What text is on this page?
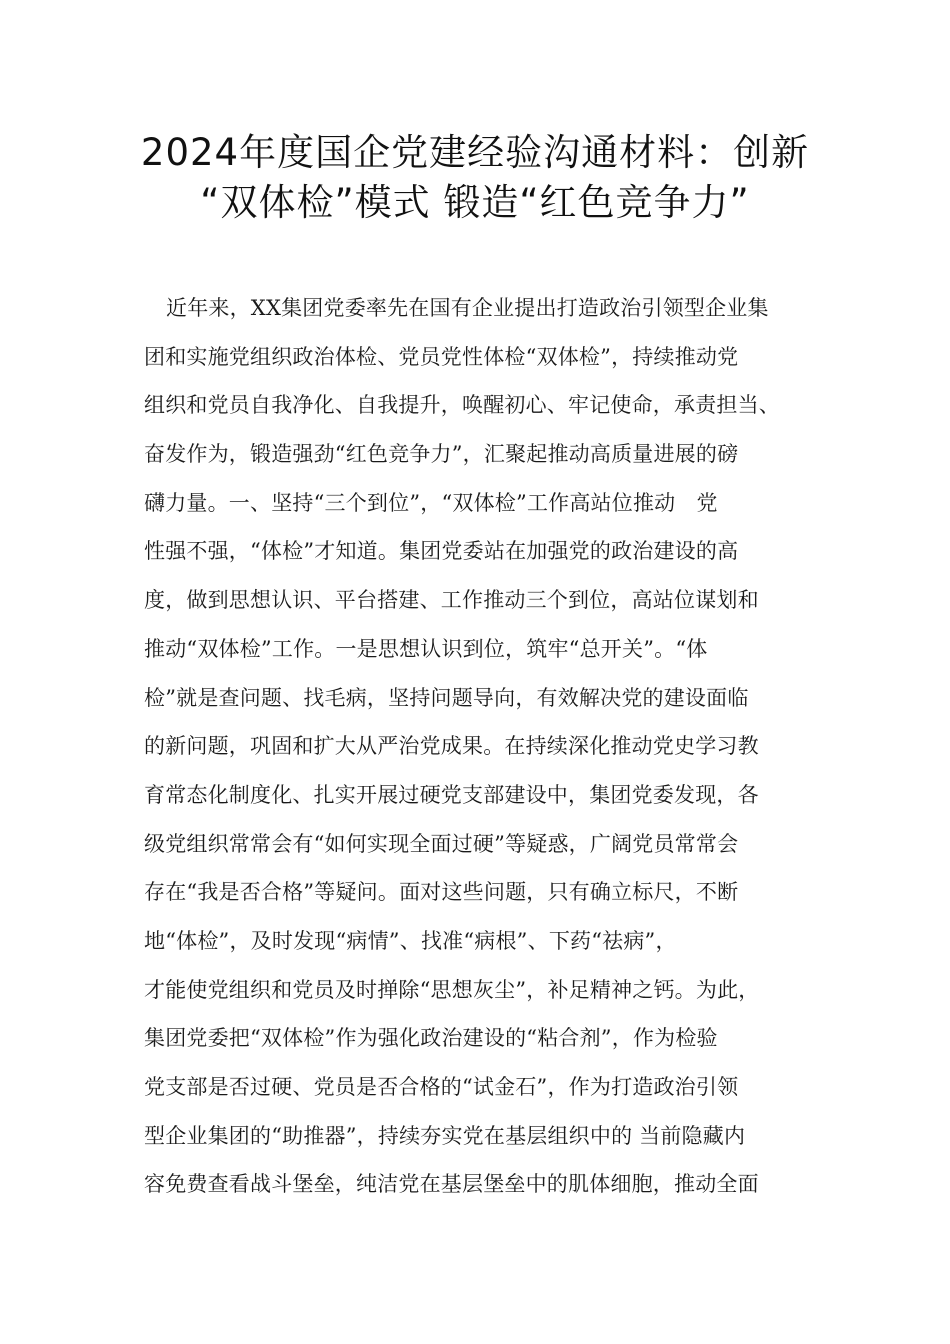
2024年度国企党建经验沟通材料：创新
“双体检”模式 锻造“红色竞争力”
近年来，XX集团党委率先在国有企业提出打造政治引领型企业集
团和实施党组织政治体检、党员党性体检“双体检”，持续推动党
组织和党员自我净化、自我提升，唤醒初心、牢记使命，承责担当、
奋发作为，锻造强劲“红色竞争力”，汇聚起推动高质量进展的磅
礴力量。一、坚持“三个到位”，“双体检”工作高站位推动　党
性强不强，“体检”才知道。集团党委站在加强党的政治建设的高
度，做到思想认识、平台搭建、工作推动三个到位，高站位谋划和
推动“双体检”工作。一是思想认识到位，筑牢“总开关”。“体
检”就是查问题、找毛病，坚持问题导向，有效解决党的建设面临
的新问题，巩固和扩大从严治党成果。在持续深化推动党史学习教
育常态化制度化、扎实开展过硬党支部建设中，集团党委发现，各
级党组织常常会有“如何实现全面过硬”等疑惑，广阔党员常常会
存在“我是否合格”等疑问。面对这些问题，只有确立标尺，不断
地“体检”，及时发现“病情”、找准“病根”、下药“祛病”，
才能使党组织和党员及时掸除“思想灰尘”，补足精神之钙。为此，
集团党委把“双体检”作为强化政治建设的“粘合剂”，作为检验
党支部是否过硬、党员是否合格的“试金石”，作为打造政治引领
型企业集团的“助推器”，持续夯实党在基层组织中的 当前隐藏内
容免费查看战斗堡垒，纯洁党在基层堡垒中的肌体细胞，推动全面
